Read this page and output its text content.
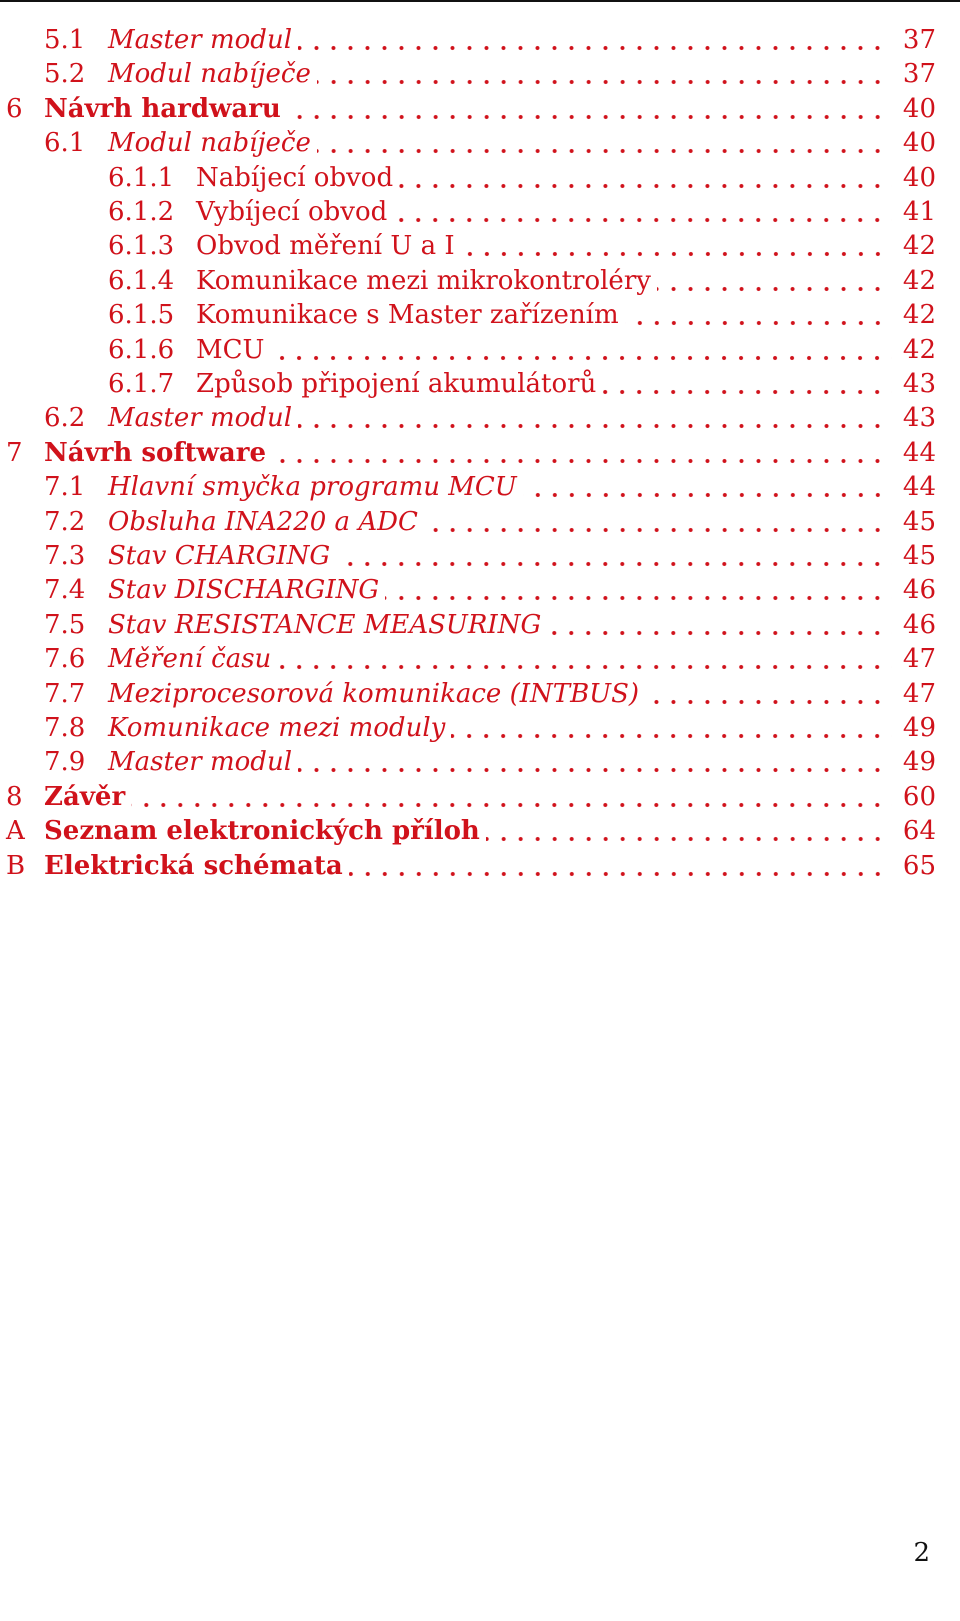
5.1 Master modul	37
5.2 Modul nabíječe	37
6 Návrh hardwaru	40
6.1 Modul nabíječe	40
6.1.1 Nabíjecí obvod	40
6.1.2 Vybíjecí obvod	41
6.1.3 Obvod měření U a I	42
6.1.4 Komunikace mezi mikrokontroléry	42
6.1.5 Komunikace s Master zařízením	42
6.1.6 MCU	42
6.1.7 Způsob připojení akumulátorů	43
6.2 Master modul	43
7 Návrh software	44
7.1 Hlavní smyčka programu MCU	44
7.2 Obsluha INA220 a ADC	45
7.3 Stav CHARGING	45
7.4 Stav DISCHARGING	46
7.5 Stav RESISTANCE MEASURING	46
7.6 Měření času	47
7.7 Meziprocesorová komunikace (INTBUS)	47
7.8 Komunikace mezi moduly	49
7.9 Master modul	49
8 Závěr	60
A Seznam elektronických příloh	64
B Elektrická schémata	65
2
